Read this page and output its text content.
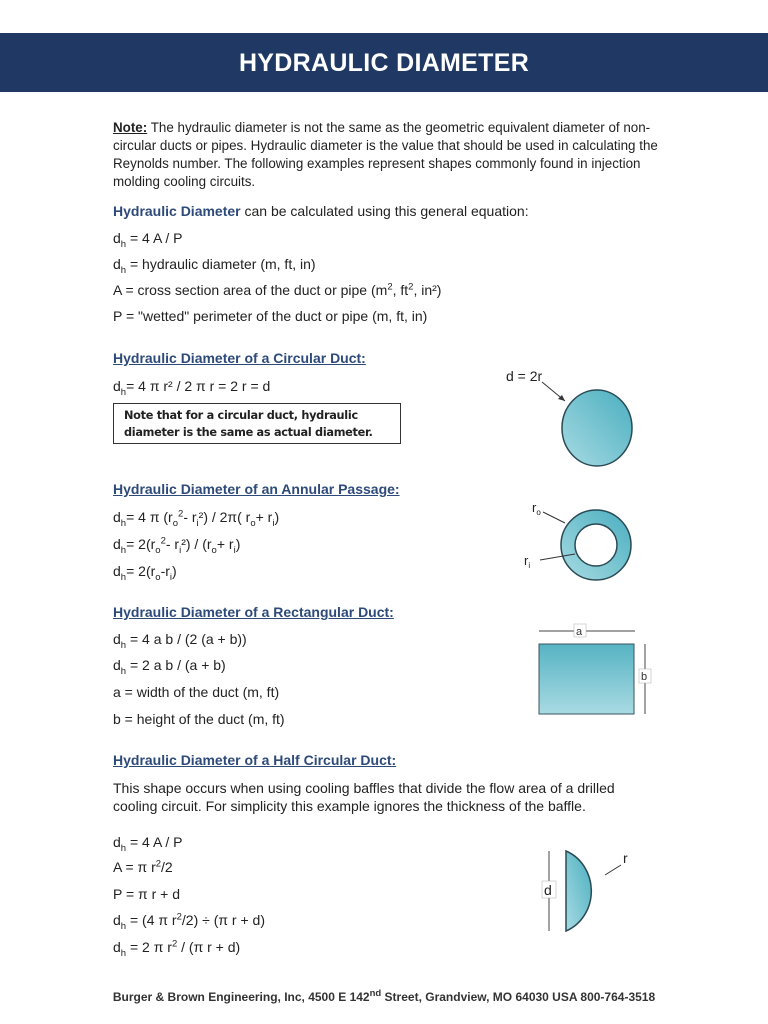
HYDRAULIC DIAMETER
Note: The hydraulic diameter is not the same as the geometric equivalent diameter of non-
circular ducts or pipes. Hydraulic diameter is the value that should be used in calculating the
Reynolds number. The following examples represent shapes commonly found in injection
molding cooling circuits.
Hydraulic Diameter can be calculated using this general equation:
$d_h = 4$ A / P
$d_h$ = hydraulic diameter (m, ft, in)
A = cross section area of the duct or pipe ($m^2$, $ft^2$, in²)
P = "wetted" perimeter of the duct or pipe (m, ft, in)
Hydraulic Diameter of a Circular Duct:
$d_h= 4$ π r² / 2 π r = 2 r = d
Note that for a circular duct, hydraulic diameter is the same as actual diameter.
Hydraulic Diameter of an Annular Passage:
$d_h= 4$ π ($r_o^2-$ $r_i^2) / 2\pi$( $r_o+ r_i$)
$d_h= 2(r_o^2-$ $r_i^2) / (r_o+ r_i)$
$d_h= 2(r_o-r_i)$
Hydraulic Diameter of a Rectangular Duct:
$d_h = 4$ a b / (2 (a + b))
$d_h = 2$ a b / (a + b)
a = width of the duct (m, ft)
b = height of the duct (m, ft)
Hydraulic Diameter of a Half Circular Duct:
This shape occurs when using cooling baffles that divide the flow area of a drilled
cooling circuit. For simplicity this example ignores the thickness of the baffle.
$d_h = 4$ A / P
A = π $r^2/2$
P = π r + d
$d_h = (4$ π $r^2/2) \div (\pi$ r + d)
$d_h = 2$ π $r^2 / (\pi$ r + d)
d = 2r
$r_o$
$r_i$
a
b
d
r
Burger & Brown Engineering, Inc, 4500 E 142nd Street, Grandview, MO 64030 USA 800-764-3518
